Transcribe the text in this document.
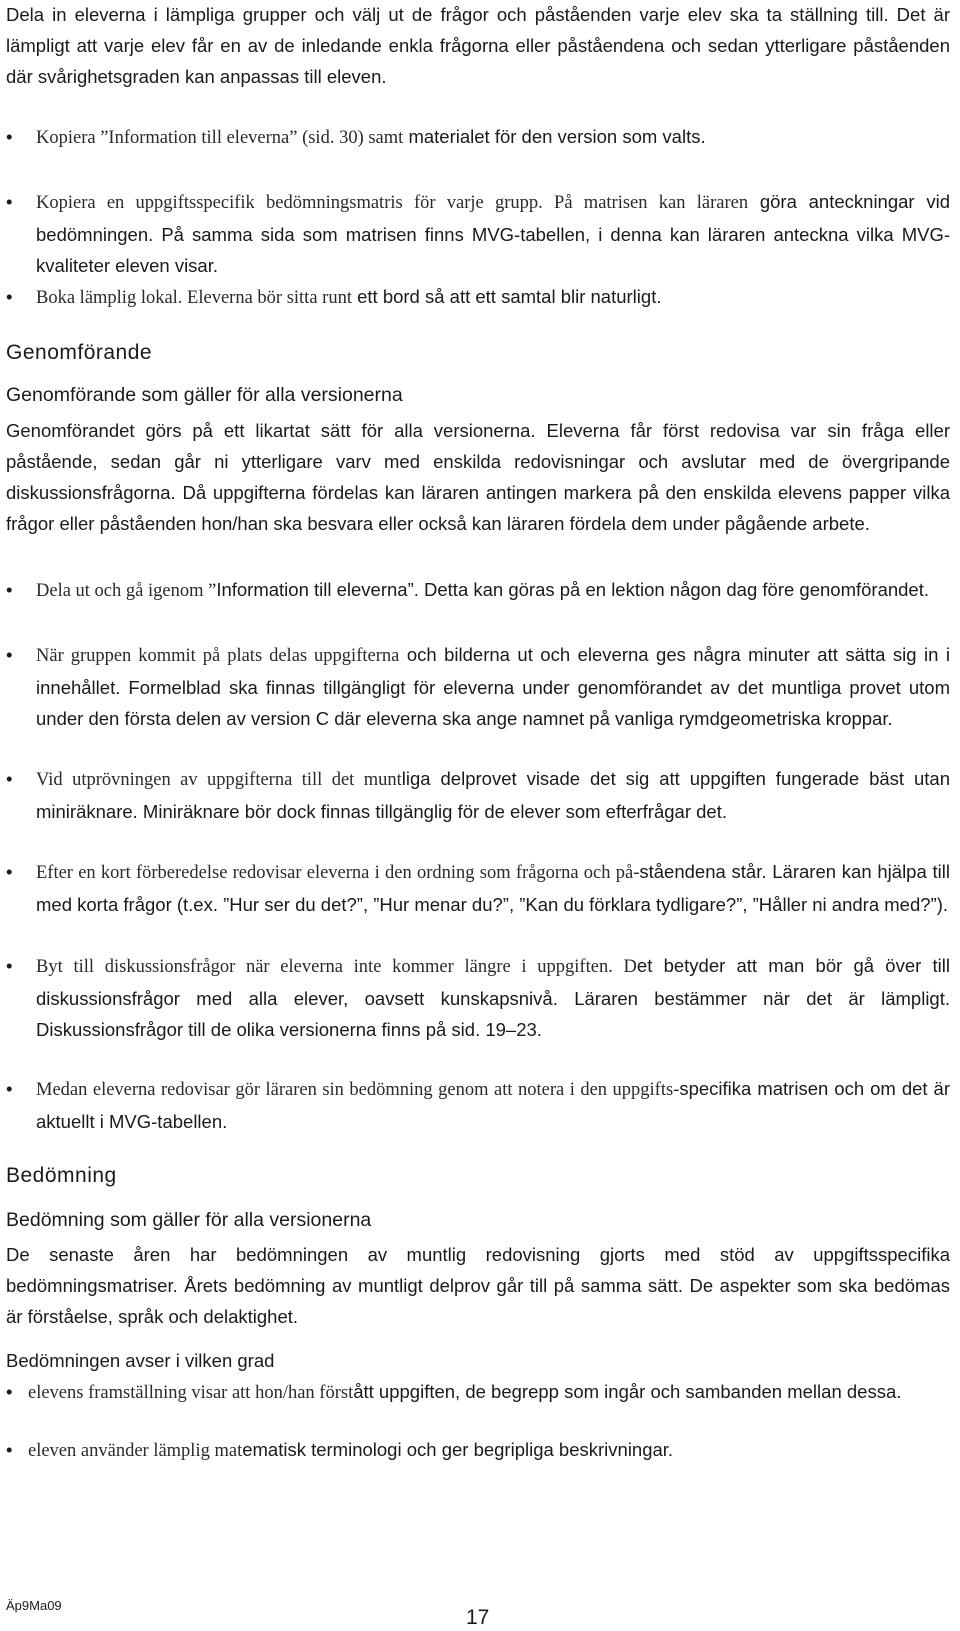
Dela in eleverna i lämpliga grupper och välj ut de frågor och påståenden varje elev ska ta ställning till. Det är lämpligt att varje elev får en av de inledande enkla frågorna eller påståendena och sedan ytterligare påståenden där svårighetsgraden kan anpassas till eleven.
•	Kopiera ”Information till eleverna” (sid. 30) samt materialet för den version som valts.
•	Kopiera en uppgiftsspecifik bedömningsmatris för varje grupp. På matrisen kan läraren göra anteckningar vid bedömningen. På samma sida som matrisen finns MVG-tabellen, i denna kan läraren anteckna vilka MVG-kvaliteter eleven visar.
•	Boka lämplig lokal. Eleverna bör sitta runt ett bord så att ett samtal blir naturligt.
Genomförande
Genomförande som gäller för alla versionerna
Genomförandet görs på ett likartat sätt för alla versionerna. Eleverna får först redovisa var sin fråga eller påstående, sedan går ni ytterligare varv med enskilda redovisningar och avslutar med de övergripande diskussionsfrågorna. Då uppgifterna fördelas kan läraren antingen markera på den enskilda elevens papper vilka frågor eller påståenden hon/han ska besvara eller också kan läraren fördela dem under pågående arbete.
•	Dela ut och gå igenom ”Information till eleverna”. Detta kan göras på en lektion någon dag före genomförandet.
•	När gruppen kommit på plats delas uppgifterna och bilderna ut och eleverna ges några minuter att sätta sig in i innehållet. Formelblad ska finnas tillgängligt för eleverna under genomförandet av det muntliga provet utom under den första delen av version C där eleverna ska ange namnet på vanliga rymdgeometriska kroppar.
•	Vid utprövningen av uppgifterna till det muntliga delprovet visade det sig att uppgiften fungerade bäst utan miniräknare. Miniräknare bör dock finnas tillgänglig för de elever som efterfrågar det.
•	Efter en kort förberedelse redovisar eleverna i den ordning som frågorna och på-ståendena står. Läraren kan hjälpa till med korta frågor (t.ex. ”Hur ser du det?”, ”Hur menar du?”, ”Kan du förklara tydligare?”, ”Håller ni andra med?”).
•	Byt till diskussionsfrågor när eleverna inte kommer längre i uppgiften. Det betyder att man bör gå över till diskussionsfrågor med alla elever, oavsett kunskapsnivå. Läraren bestämmer när det är lämpligt. Diskussionsfrågor till de olika versionerna finns på sid. 19–23.
•	Medan eleverna redovisar gör läraren sin bedömning genom att notera i den uppgifts-specifika matrisen och om det är aktuellt i MVG-tabellen.
Bedömning
Bedömning som gäller för alla versionerna
De senaste åren har bedömningen av muntlig redovisning gjorts med stöd av uppgiftsspecifika bedömningsmatriser. Årets bedömning av muntligt delprov går till på samma sätt. De aspekter som ska bedömas är förståelse, språk och delaktighet.
Bedömningen avser i vilken grad
• elevens framställning visar att hon/han förstått uppgiften, de begrepp som ingår och sambanden mellan dessa.
• eleven använder lämplig matematisk terminologi och ger begripliga beskrivningar.
Äp9Ma09
17
